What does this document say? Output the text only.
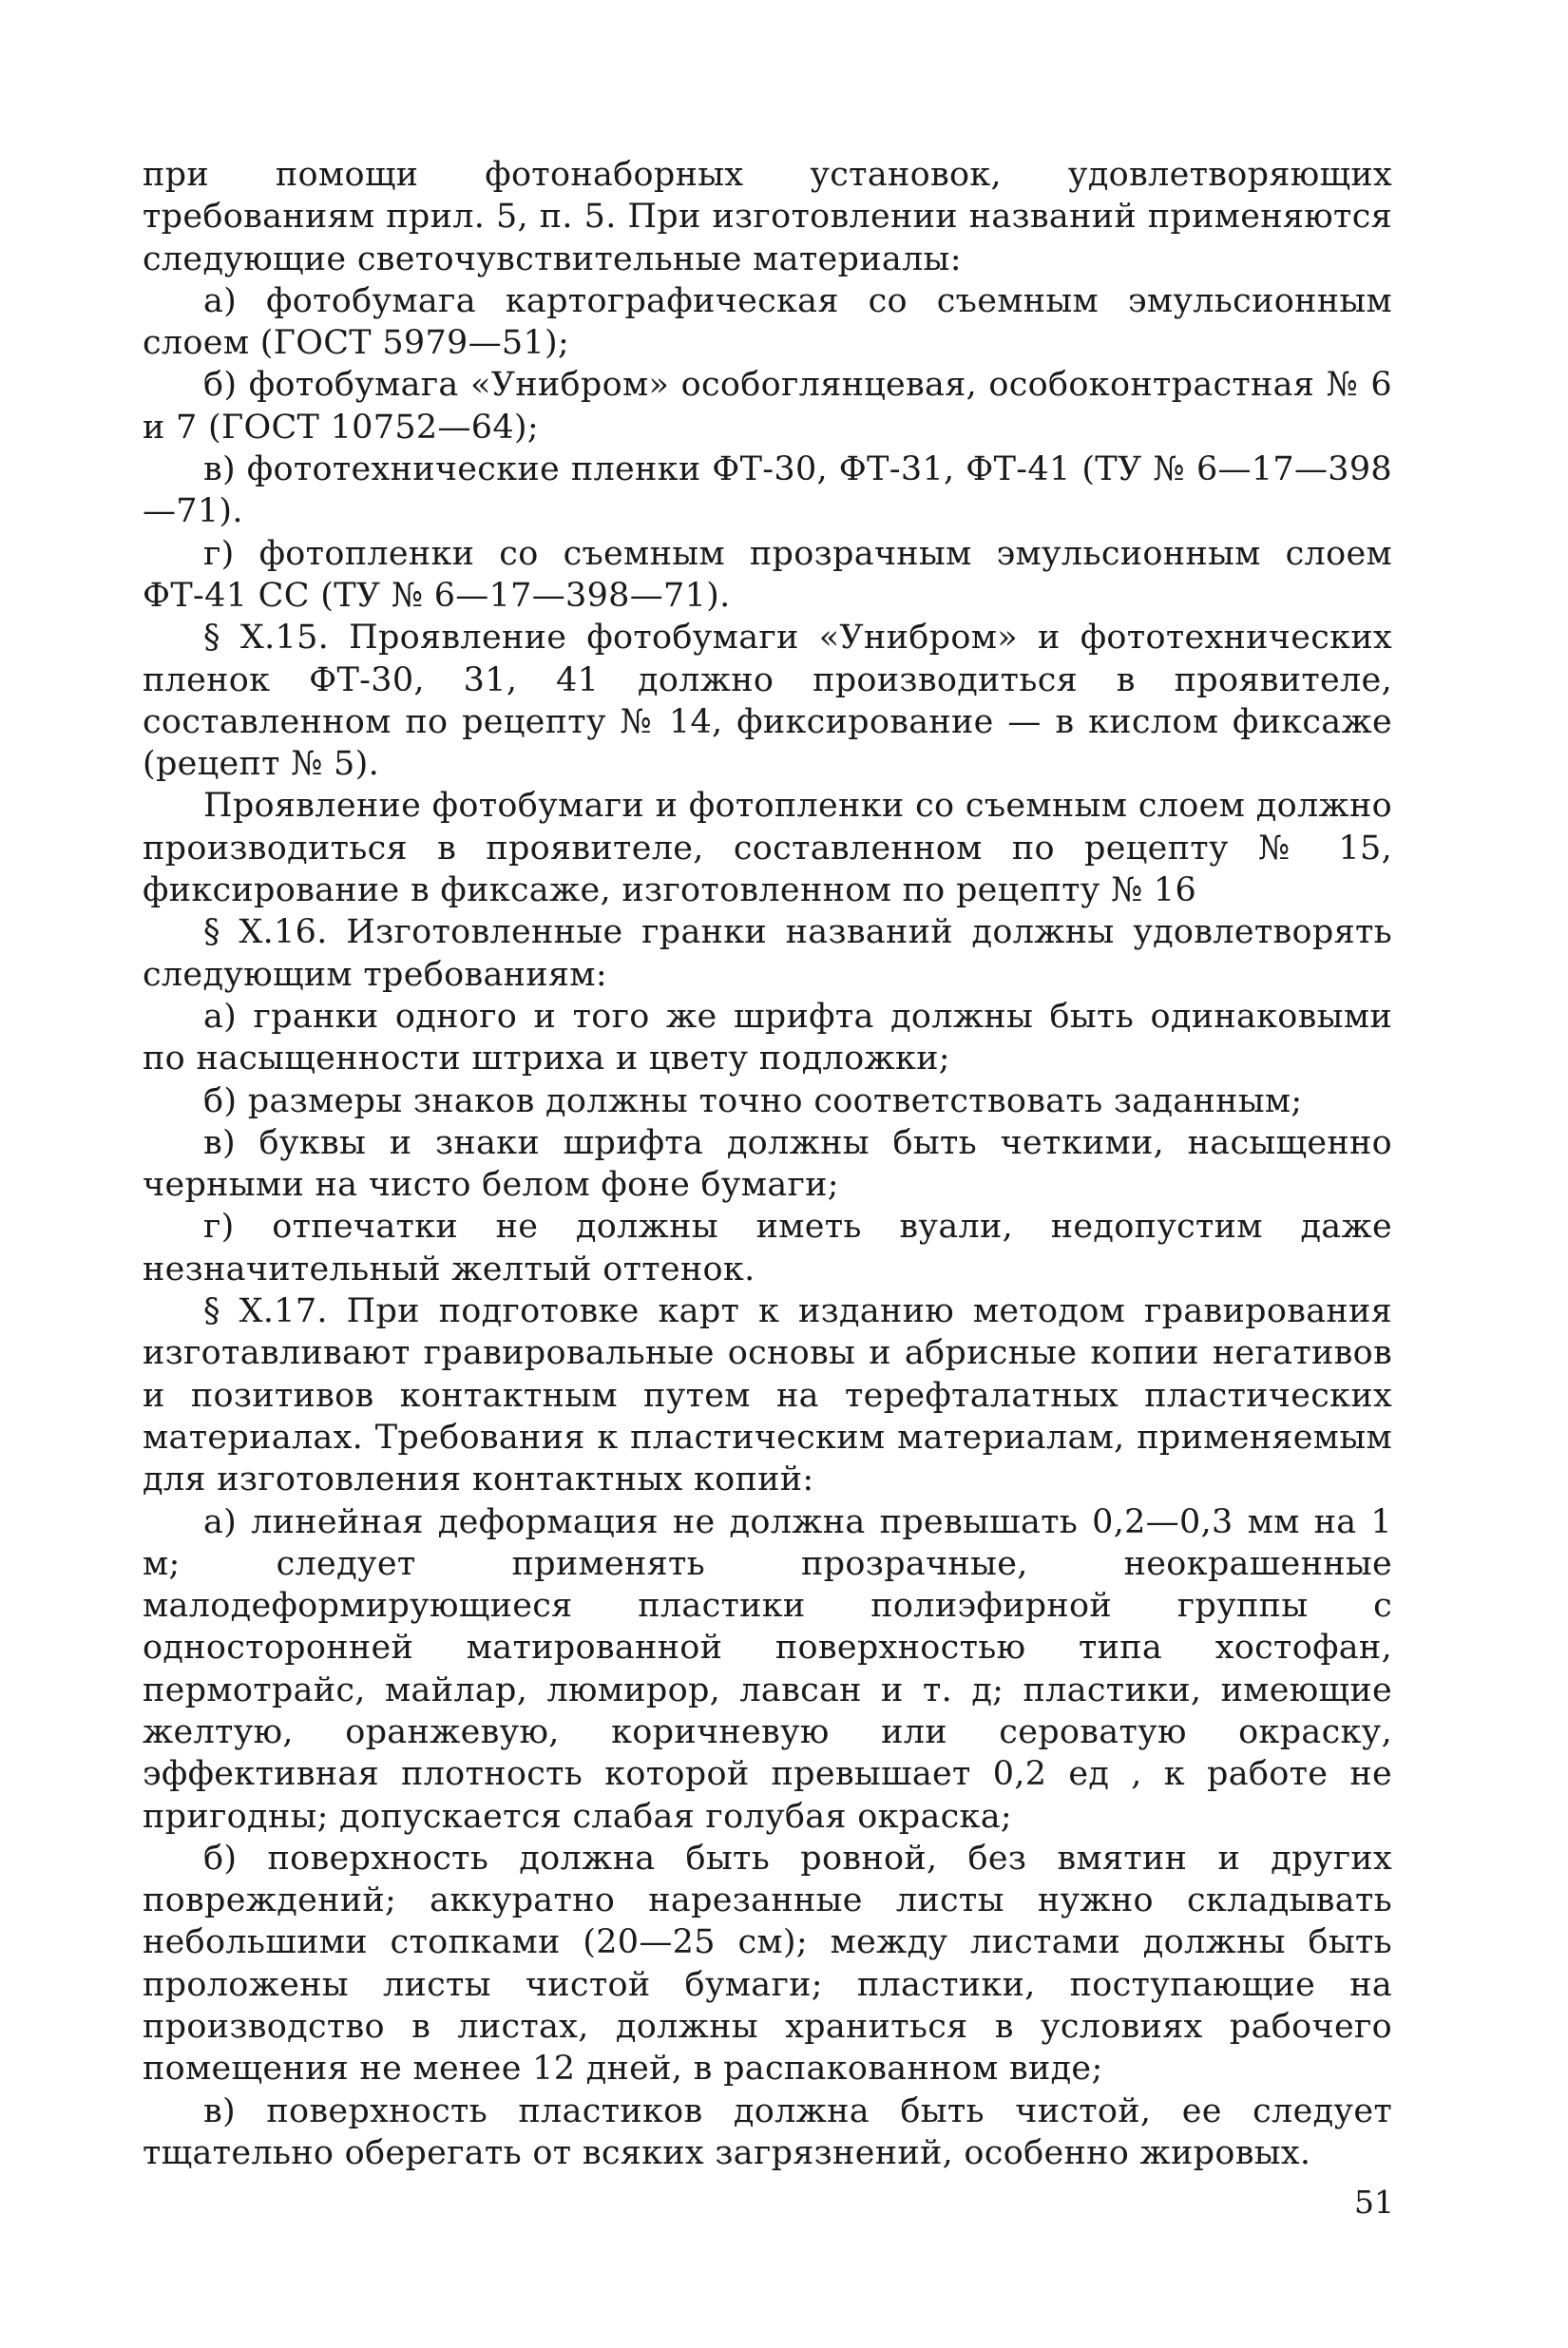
при помощи фотонаборных установок, удовлетворяющих требованиям прил. 5, п. 5. При изготовлении названий применяются следующие светочувствительные материалы:

а) фотобумага картографическая со съемным эмульсионным слоем (ГОСТ 5979—51);

б) фотобумага «Унибром» особоглянцевая, особоконтрастная № 6 и 7 (ГОСТ 10752—64);

в) фототехнические пленки ФТ-30, ФТ-31, ФТ-41 (ТУ № 6—17—398—71).

г) фотопленки со съемным прозрачным эмульсионным слоем ФТ-41 СС (ТУ № 6—17—398—71).

§ X.15. Проявление фотобумаги «Унибром» и фототехнических пленок ФТ-30, 31, 41 должно производиться в проявителе, составленном по рецепту № 14, фиксирование — в кислом фиксаже (рецепт № 5).

Проявление фотобумаги и фотопленки со съемным слоем должно производиться в проявителе, составленном по рецепту № 15, фиксирование в фиксаже, изготовленном по рецепту № 16

§ X.16. Изготовленные гранки названий должны удовлетворять следующим требованиям:

а) гранки одного и того же шрифта должны быть одинаковыми по насыщенности штриха и цвету подложки;

б) размеры знаков должны точно соответствовать заданным;

в) буквы и знаки шрифта должны быть четкими, насыщенно черными на чисто белом фоне бумаги;

г) отпечатки не должны иметь вуали, недопустим даже незначительный желтый оттенок.

§ X.17. При подготовке карт к изданию методом гравирования изготавливают гравировальные основы и абрисные копии негативов и позитивов контактным путем на терефталатных пластических материалах. Требования к пластическим материалам, применяемым для изготовления контактных копий:

а) линейная деформация не должна превышать 0,2—0,3 мм на 1 м; следует применять прозрачные, неокрашенные малодеформирующиеся пластики полиэфирной группы с односторонней матированной поверхностью типа хостофан, пермотрайс, майлар, люмирор, лавсан и т. д; пластики, имеющие желтую, оранжевую, коричневую или сероватую окраску, эффективная плотность которой превышает 0,2 ед , к работе не пригодны; допускается слабая голубая окраска;

б) поверхность должна быть ровной, без вмятин и других повреждений; аккуратно нарезанные листы нужно складывать небольшими стопками (20—25 см); между листами должны быть проложены листы чистой бумаги; пластики, поступающие на производство в листах, должны храниться в условиях рабочего помещения не менее 12 дней, в распакованном виде;

в) поверхность пластиков должна быть чистой, ее следует тщательно оберегать от всяких загрязнений, особенно жировых.

51
